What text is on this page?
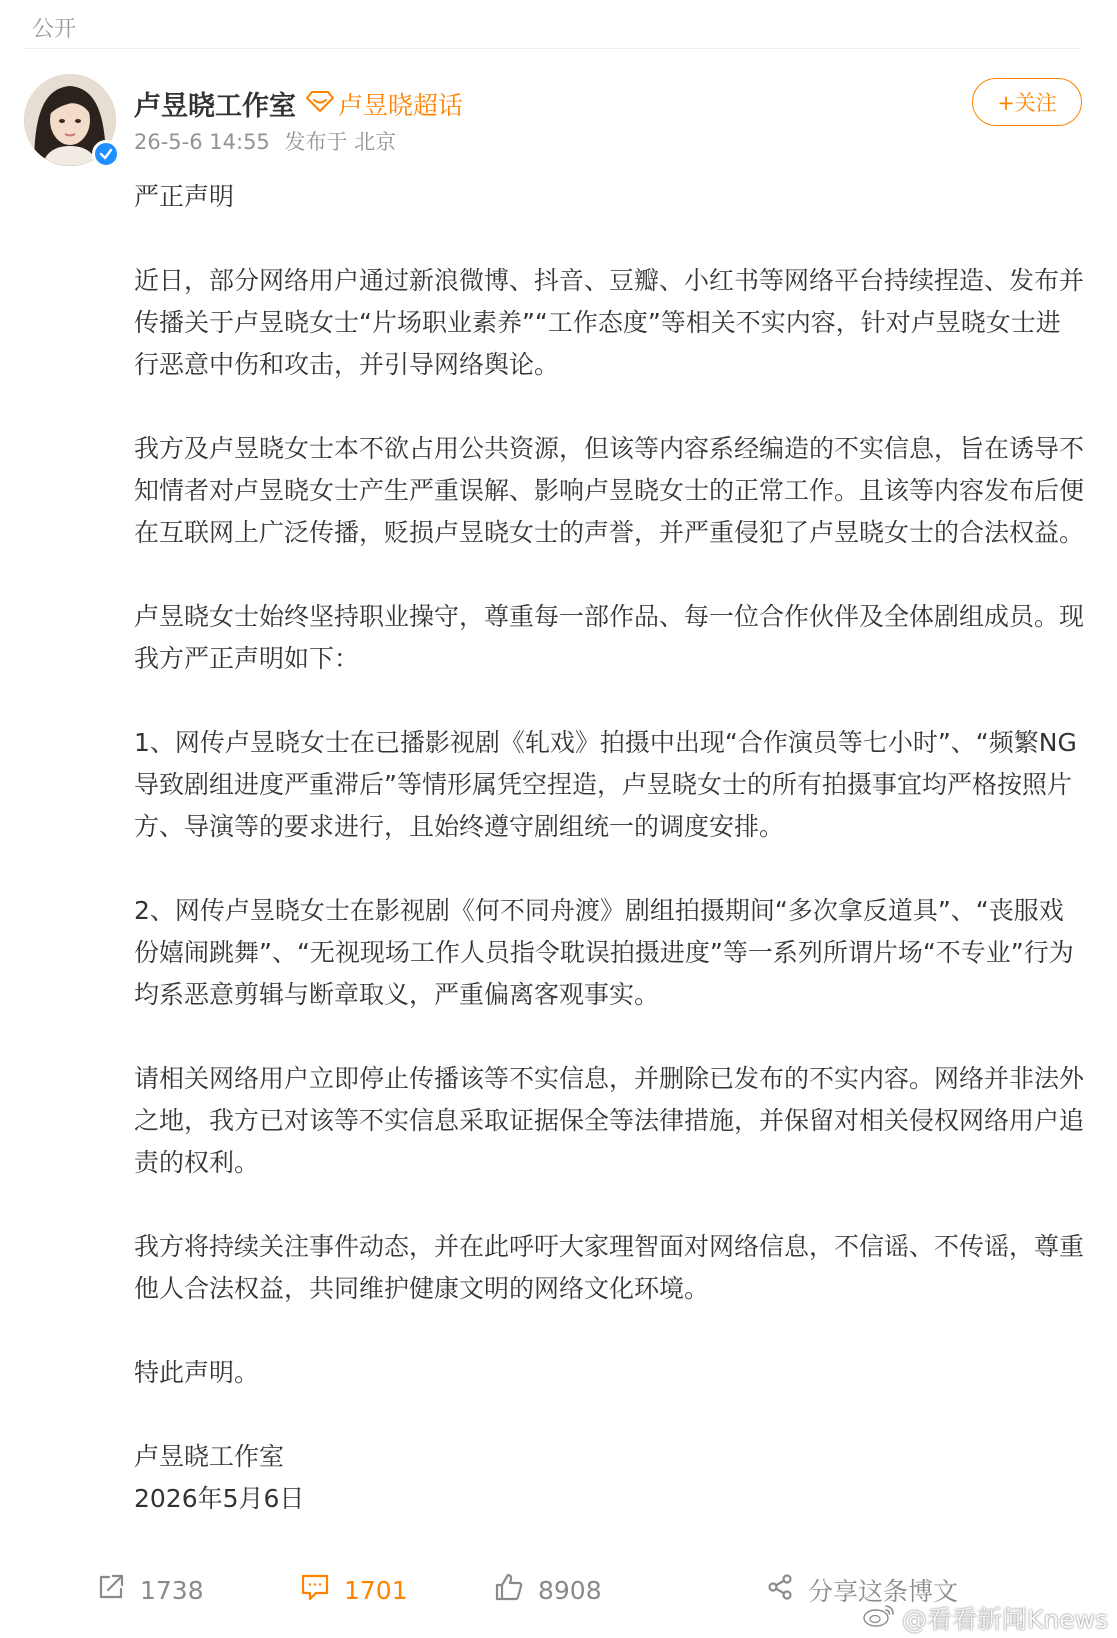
公开
卢昱晓工作室 卢昱晓超话
26-5-6 14:55 发布于 北京
+关注

严正声明

近日，部分网络用户通过新浪微博、抖音、豆瓣、小红书等网络平台持续捏造、发布并传播关于卢昱晓女士“片场职业素养”“工作态度”等相关不实内容，针对卢昱晓女士进行恶意中伤和攻击，并引导网络舆论。

我方及卢昱晓女士本不欲占用公共资源，但该等内容系经编造的不实信息，旨在诱导不知情者对卢昱晓女士产生严重误解、影响卢昱晓女士的正常工作。且该等内容发布后便在互联网上广泛传播，贬损卢昱晓女士的声誉，并严重侵犯了卢昱晓女士的合法权益。

卢昱晓女士始终坚持职业操守，尊重每一部作品、每一位合作伙伴及全体剧组成员。现我方严正声明如下：

1、网传卢昱晓女士在已播影视剧《轧戏》拍摄中出现“合作演员等七小时”、“频繁NG导致剧组进度严重滞后”等情形属凭空捏造，卢昱晓女士的所有拍摄事宜均严格按照片方、导演等的要求进行，且始终遵守剧组统一的调度安排。

2、网传卢昱晓女士在影视剧《何不同舟渡》剧组拍摄期间“多次拿反道具”、“丧服戏份嬉闹跳舞”、“无视现场工作人员指令耽误拍摄进度”等一系列所谓片场“不专业”行为均系恶意剪辑与断章取义，严重偏离客观事实。

请相关网络用户立即停止传播该等不实信息，并删除已发布的不实内容。网络并非法外之地，我方已对该等不实信息采取证据保全等法律措施，并保留对相关侵权网络用户追责的权利。

我方将持续关注事件动态，并在此呼吁大家理智面对网络信息，不信谣、不传谣，尊重他人合法权益，共同维护健康文明的网络文化环境。

特此声明。

卢昱晓工作室

2026年5月6日

1738	1701	8908	分享这条博文
@看看新闻Knews
